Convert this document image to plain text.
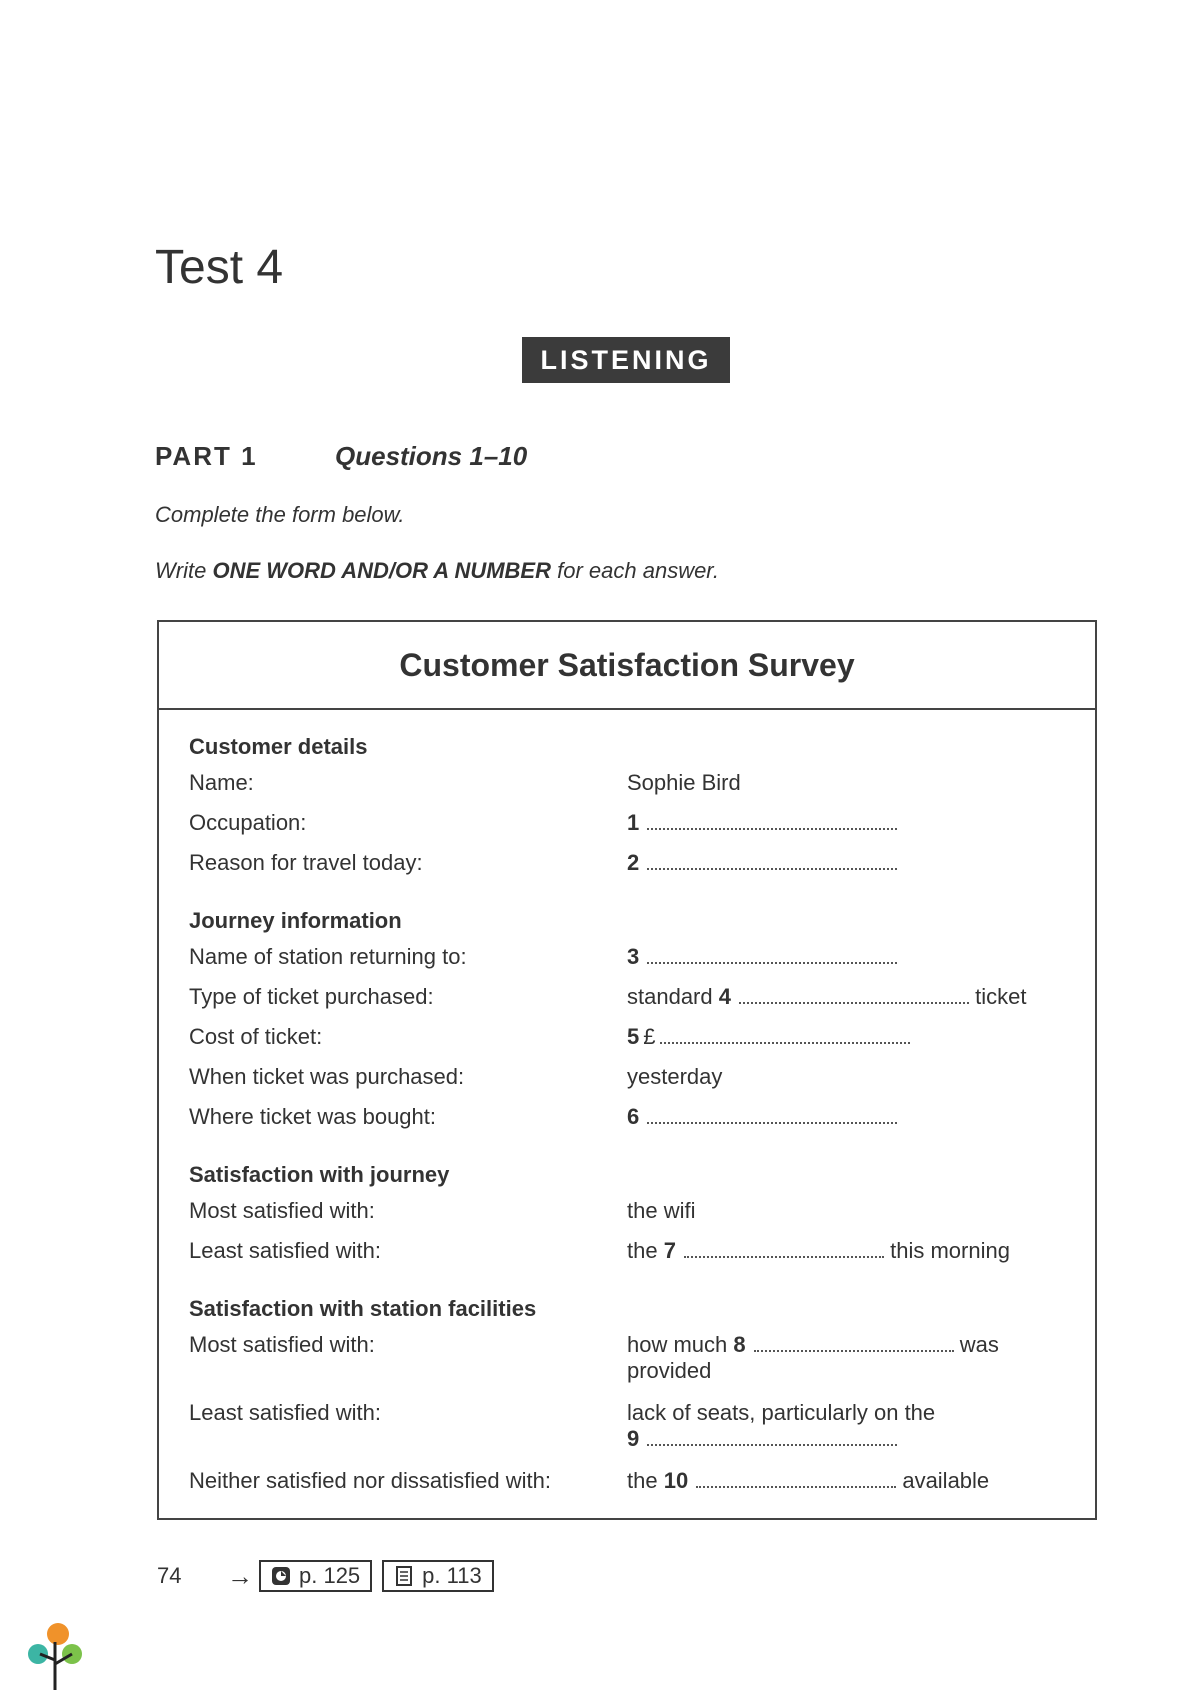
Test 4
LISTENING
PART 1	Questions 1–10
Complete the form below.
Write ONE WORD AND/OR A NUMBER for each answer.
Customer Satisfaction Survey
Customer details
Name:	Sophie Bird
Occupation:	1
Reason for travel today:	2
Journey information
Name of station returning to:	3
Type of ticket purchased:	standard 4	ticket
Cost of ticket:	5 £
When ticket was purchased:	yesterday
Where ticket was bought:	6
Satisfaction with journey
Most satisfied with:	the wifi
Least satisfied with:	the 7	this morning
Satisfaction with station facilities
Most satisfied with:	how much 8	was provided
Least satisfied with:	lack of seats, particularly on the
9
Neither satisfied nor dissatisfied with:	the 10	available
74	→ p. 125	p. 113
